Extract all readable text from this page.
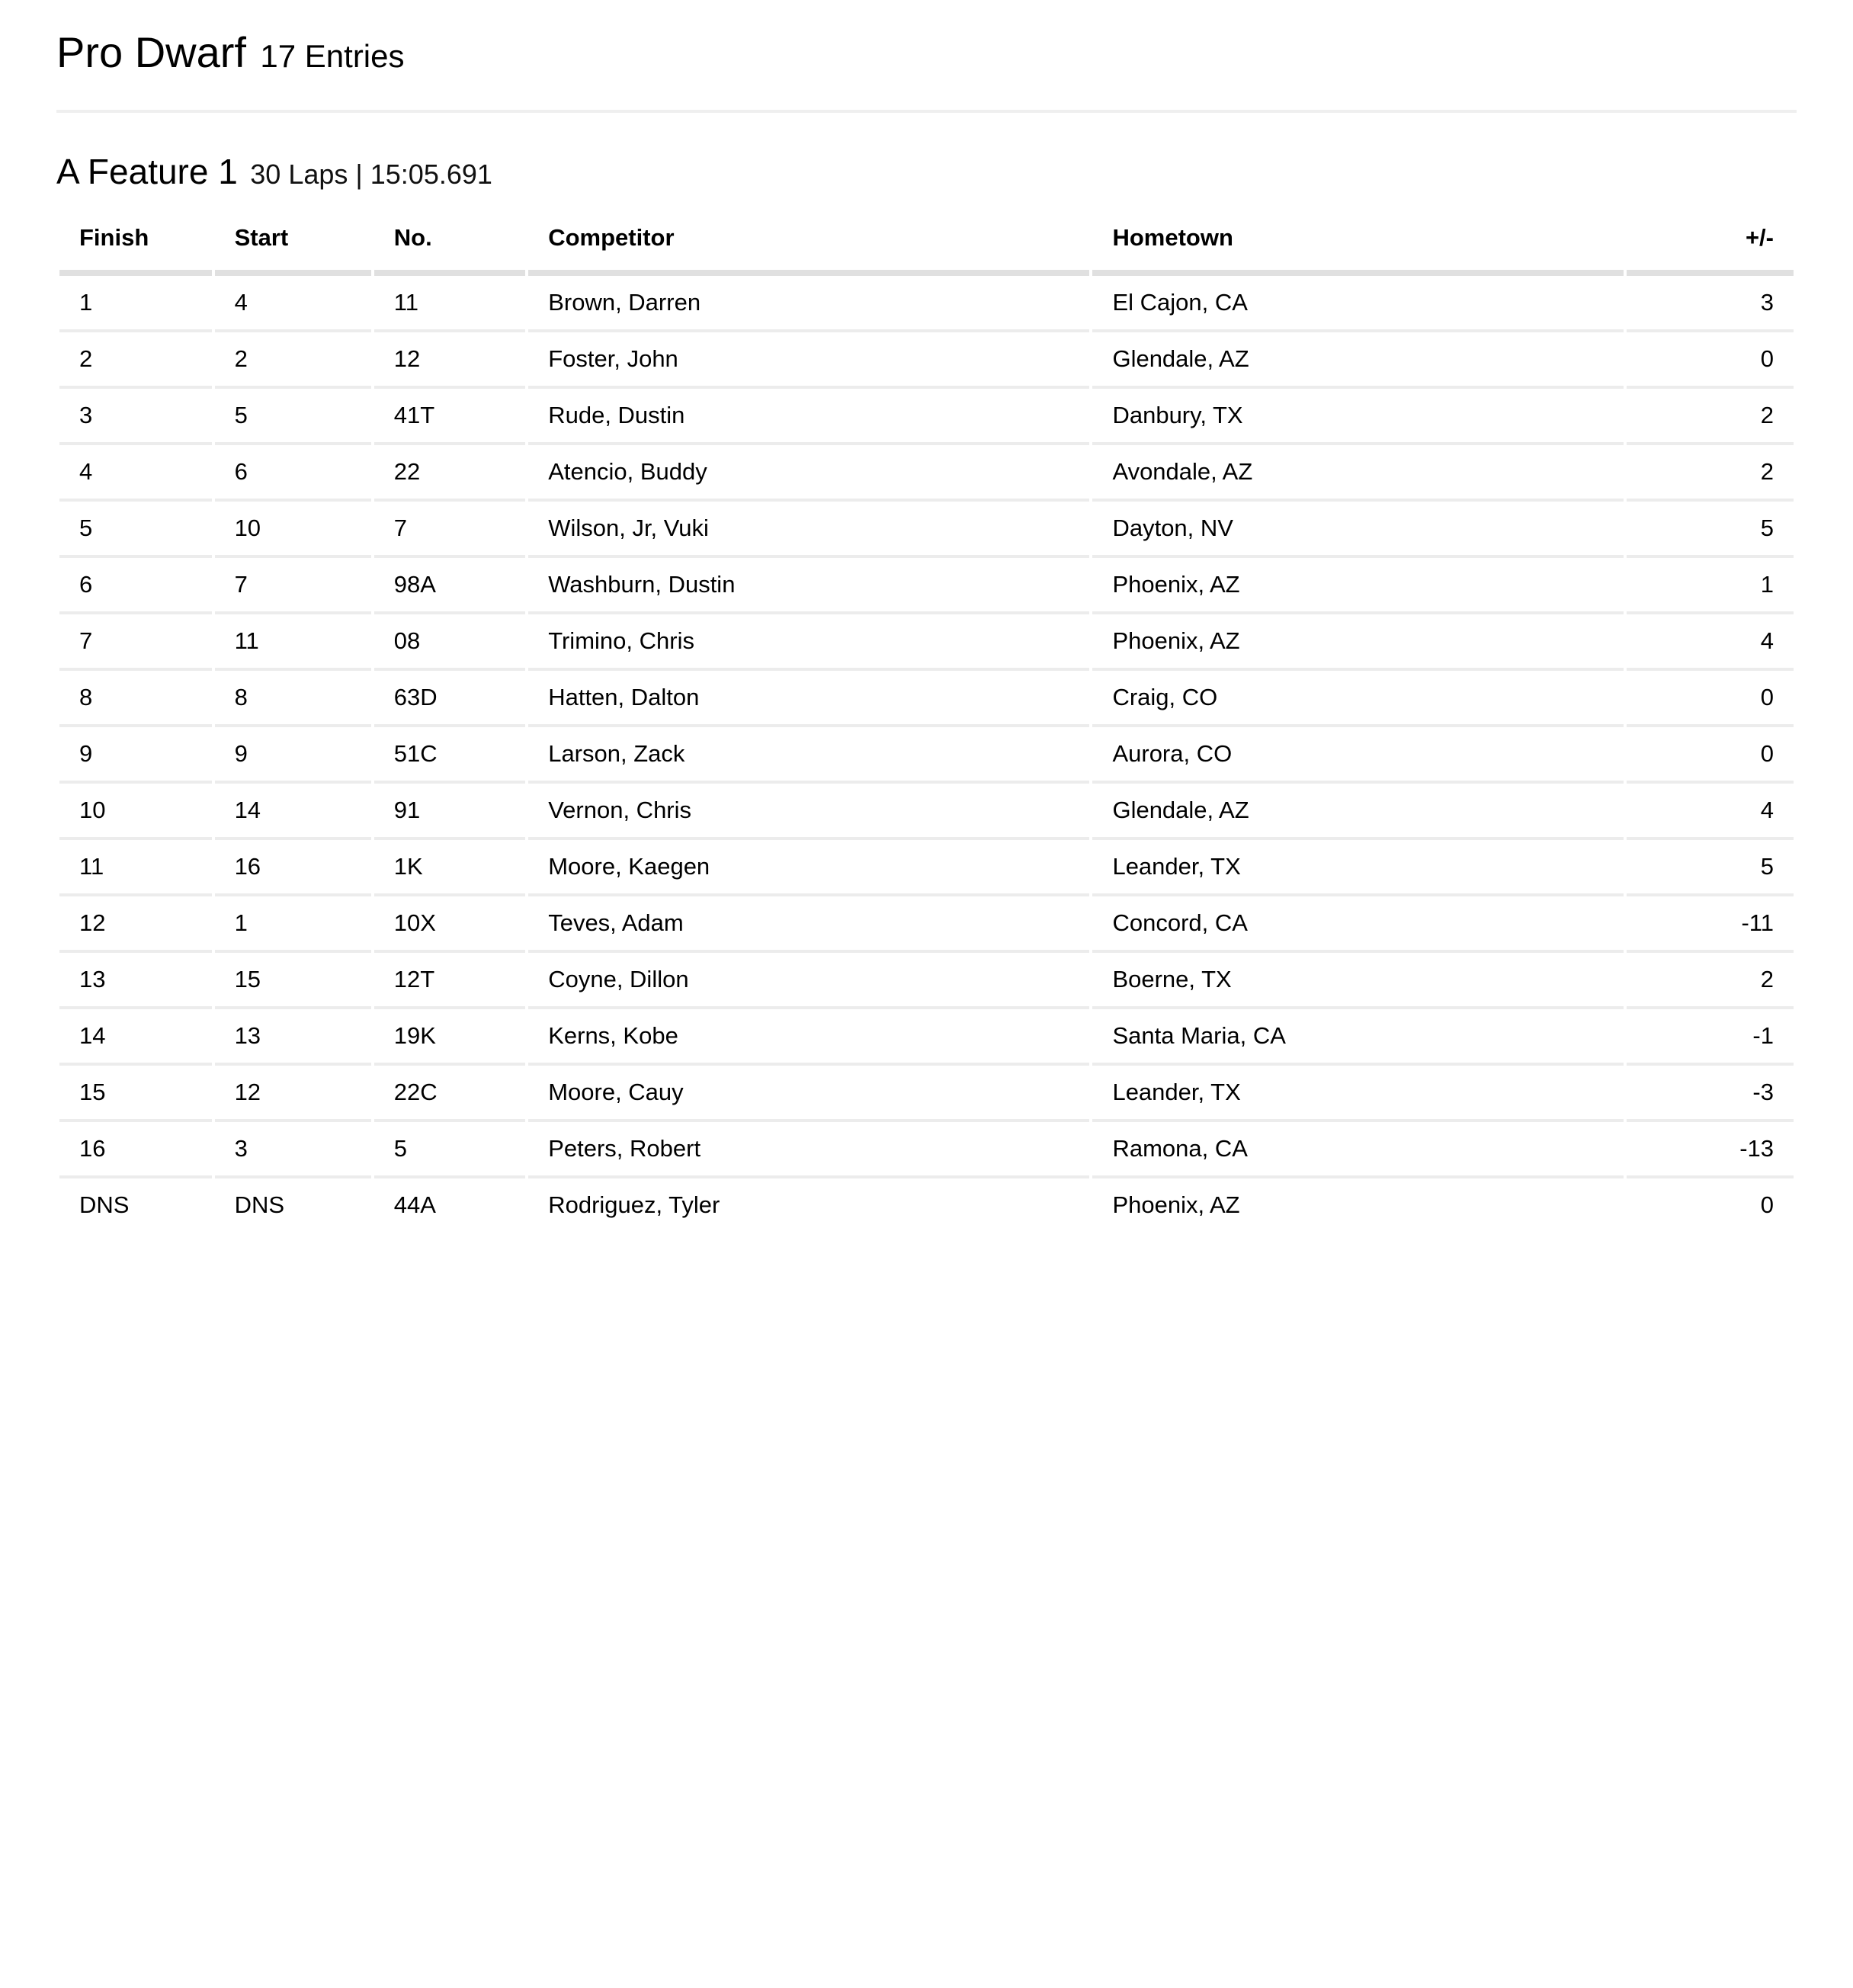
Pro Dwarf 17 Entries
A Feature 1 30 Laps | 15:05.691
Finish	Start	No.	Competitor	Hometown	+/-
1	4	11	Brown, Darren	El Cajon, CA	3
2	2	12	Foster, John	Glendale, AZ	0
3	5	41T	Rude, Dustin	Danbury, TX	2
4	6	22	Atencio, Buddy	Avondale, AZ	2
5	10	7	Wilson, Jr, Vuki	Dayton, NV	5
6	7	98A	Washburn, Dustin	Phoenix, AZ	1
7	11	08	Trimino, Chris	Phoenix, AZ	4
8	8	63D	Hatten, Dalton	Craig, CO	0
9	9	51C	Larson, Zack	Aurora, CO	0
10	14	91	Vernon, Chris	Glendale, AZ	4
11	16	1K	Moore, Kaegen	Leander, TX	5
12	1	10X	Teves, Adam	Concord, CA	-11
13	15	12T	Coyne, Dillon	Boerne, TX	2
14	13	19K	Kerns, Kobe	Santa Maria, CA	-1
15	12	22C	Moore, Cauy	Leander, TX	-3
16	3	5	Peters, Robert	Ramona, CA	-13
DNS	DNS	44A	Rodriguez, Tyler	Phoenix, AZ	0
